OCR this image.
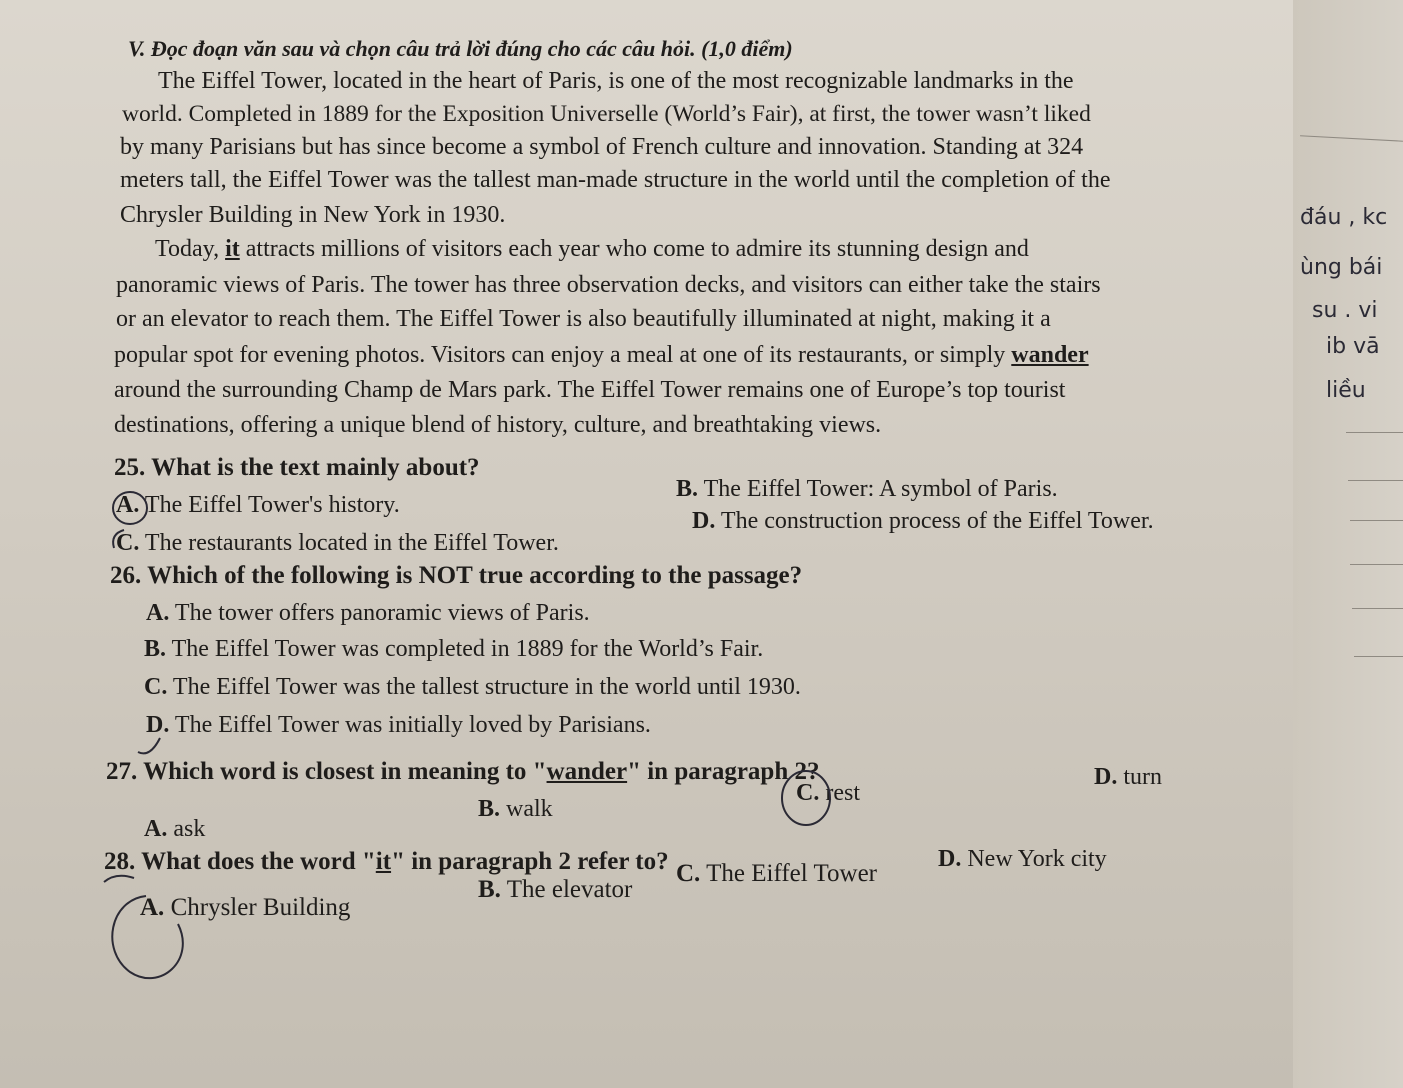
V. Đọc đoạn văn sau và chọn câu trả lời đúng cho các câu hỏi. (1,0 điểm)
The Eiffel Tower, located in the heart of Paris, is one of the most recognizable landmarks in the
world. Completed in 1889 for the Exposition Universelle (World’s Fair), at first, the tower wasn’t liked
by many Parisians but has since become a symbol of French culture and innovation. Standing at 324
meters tall, the Eiffel Tower was the tallest man-made structure in the world until the completion of the
Chrysler Building in New York in 1930.
Today, it attracts millions of visitors each year who come to admire its stunning design and
panoramic views of Paris. The tower has three observation decks, and visitors can either take the stairs
or an elevator to reach them. The Eiffel Tower is also beautifully illuminated at night, making it a
popular spot for evening photos. Visitors can enjoy a meal at one of its restaurants, or simply wander
around the surrounding Champ de Mars park. The Eiffel Tower remains one of Europe’s top tourist
destinations, offering a unique blend of history, culture, and breathtaking views.
25. What is the text mainly about?
A. The Eiffel Tower's history.
B. The Eiffel Tower: A symbol of Paris.
C. The restaurants located in the Eiffel Tower.
D. The construction process of the Eiffel Tower.
26. Which of the following is NOT true according to the passage?
A. The tower offers panoramic views of Paris.
B. The Eiffel Tower was completed in 1889 for the World’s Fair.
C. The Eiffel Tower was the tallest structure in the world until 1930.
D. The Eiffel Tower was initially loved by Parisians.
27. Which word is closest in meaning to "wander" in paragraph 2?
A. ask
B. walk
C. rest
D. turn
28. What does the word "it" in paragraph 2 refer to?
A. Chrysler Building
B. The elevator
C. The Eiffel Tower
D. New York city
đáu , kc
ùng bái
su . vi
ib vā
liều
